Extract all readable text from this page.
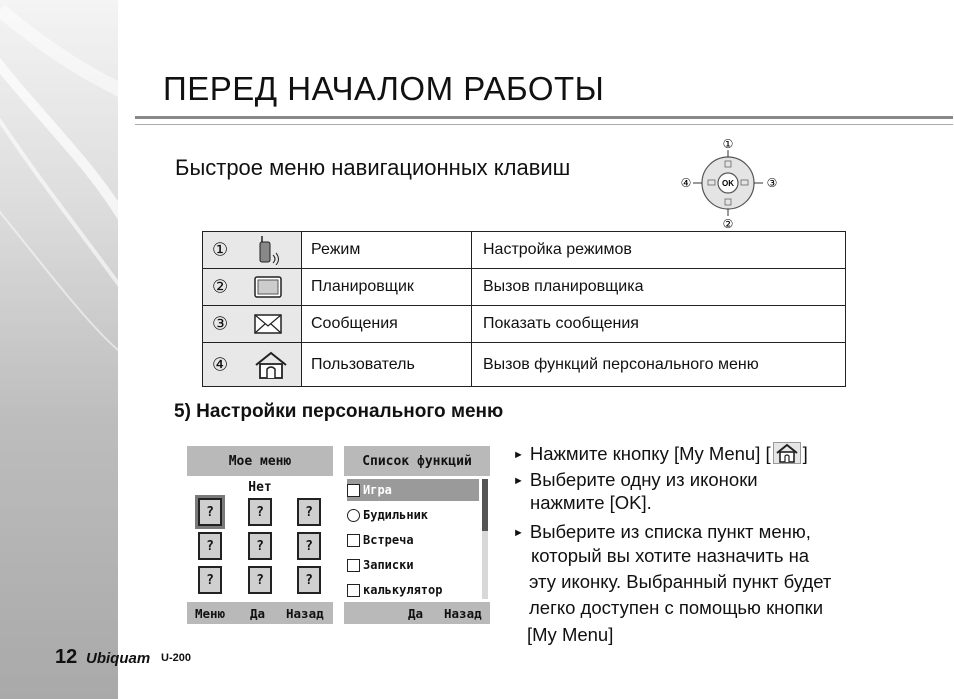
ПЕРЕД НАЧАЛОМ РАБОТЫ
Быстрое меню навигационных клавиш
OK
①
②
③
④
①	Режим	Настройка режимов

②	Планировщик	Вызов планировщика

③	Сообщения	Показать сообщения

④	Пользователь	Вызов функций персонального меню
5) Настройки персонального меню
Мое меню
Нет
?	?	?
?	?	?
?	?	?
Меню Да Назад
Список функций
Игра
Будильник
Встреча
Записки
калькулятор
Да Назад
► Нажмите кнопку [My Menu] [ ]
► Выберите одну из иконоки
нажмите [OK].
► Выберите из списка пункт меню,
который вы хотите назначить на
эту иконку. Выбранный пункт будет
легко доступен с помощью кнопки
[My Menu]
12 Ubiquam U-200
